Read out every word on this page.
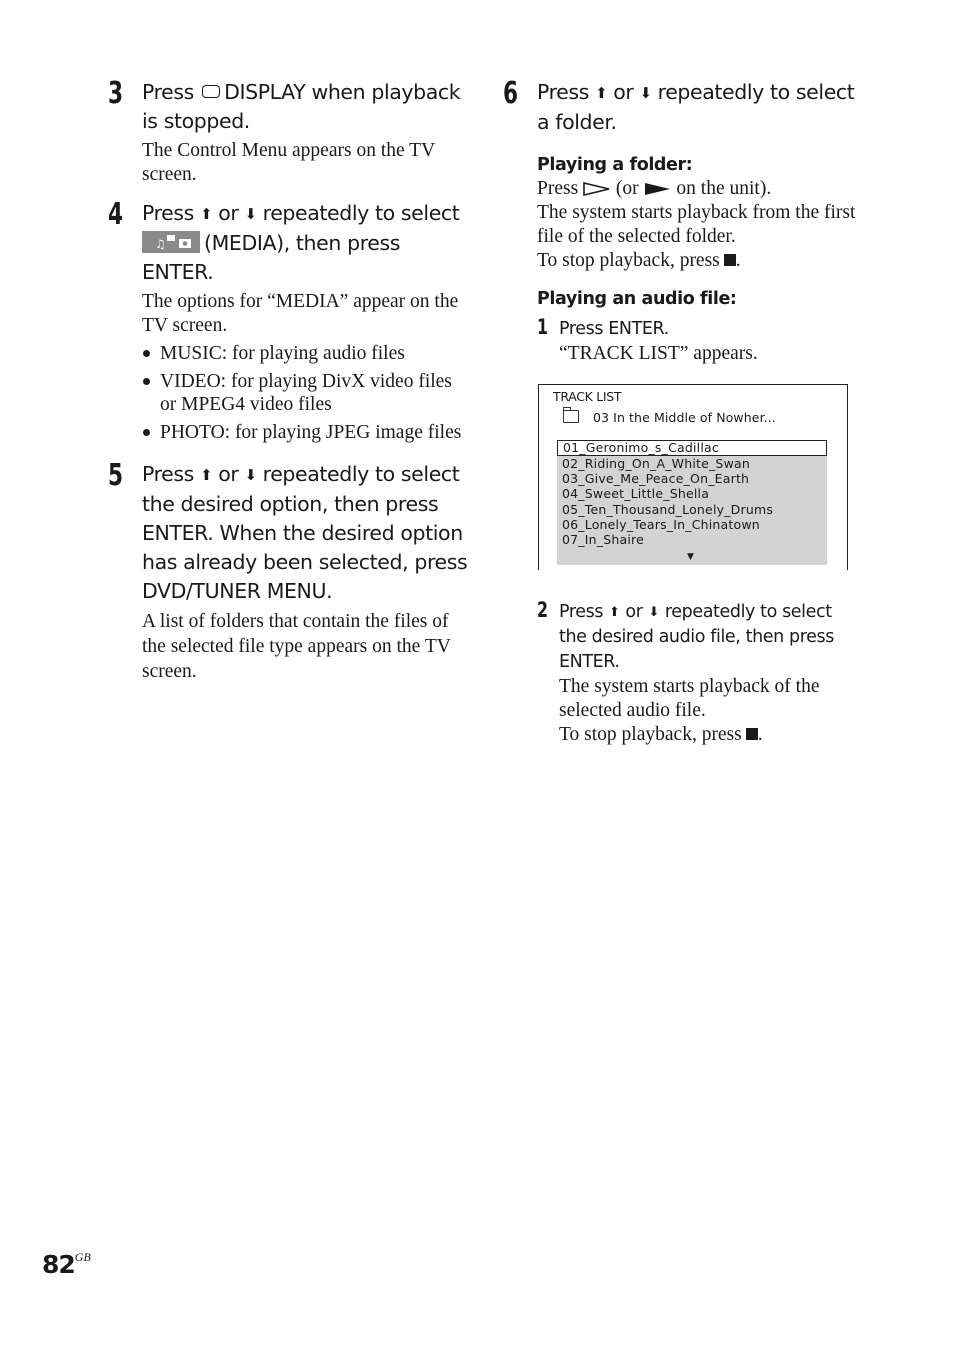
3 Press DISPLAY when playback is stopped.
The Control Menu appears on the TV screen.
4 Press ⬆ or ⬇ repeatedly to select

♫ (MEDIA), then press ENTER.
The options for “MEDIA” appear on the TV screen.
MUSIC: for playing audio files
VIDEO: for playing DivX video files or MPEG4 video files
PHOTO: for playing JPEG image files
5 Press ⬆ or ⬇ repeatedly to select the desired option, then press ENTER. When the desired option has already been selected, press DVD/TUNER MENU.
A list of folders that contain the files of the selected file type appears on the TV screen.
6 Press ⬆ or ⬇ repeatedly to select a folder.
Playing a folder:
Press (or on the unit).
The system starts playback from the first file of the selected folder.
To stop playback, press .
Playing an audio file:
1 Press ENTER.
“TRACK LIST” appears.
TRACK LIST
03 In the Middle of Nowher...
01_Geronimo_s_Cadillac
02_Riding_On_A_White_Swan
03_Give_Me_Peace_On_Earth
04_Sweet_Little_Shella
05_Ten_Thousand_Lonely_Drums
06_Lonely_Tears_In_Chinatown
07_In_Shaire
▼
2 Press ⬆ or ⬇ repeatedly to select the desired audio file, then press ENTER.
The system starts playback of the selected audio file.
To stop playback, press .
$82^{GB}$
